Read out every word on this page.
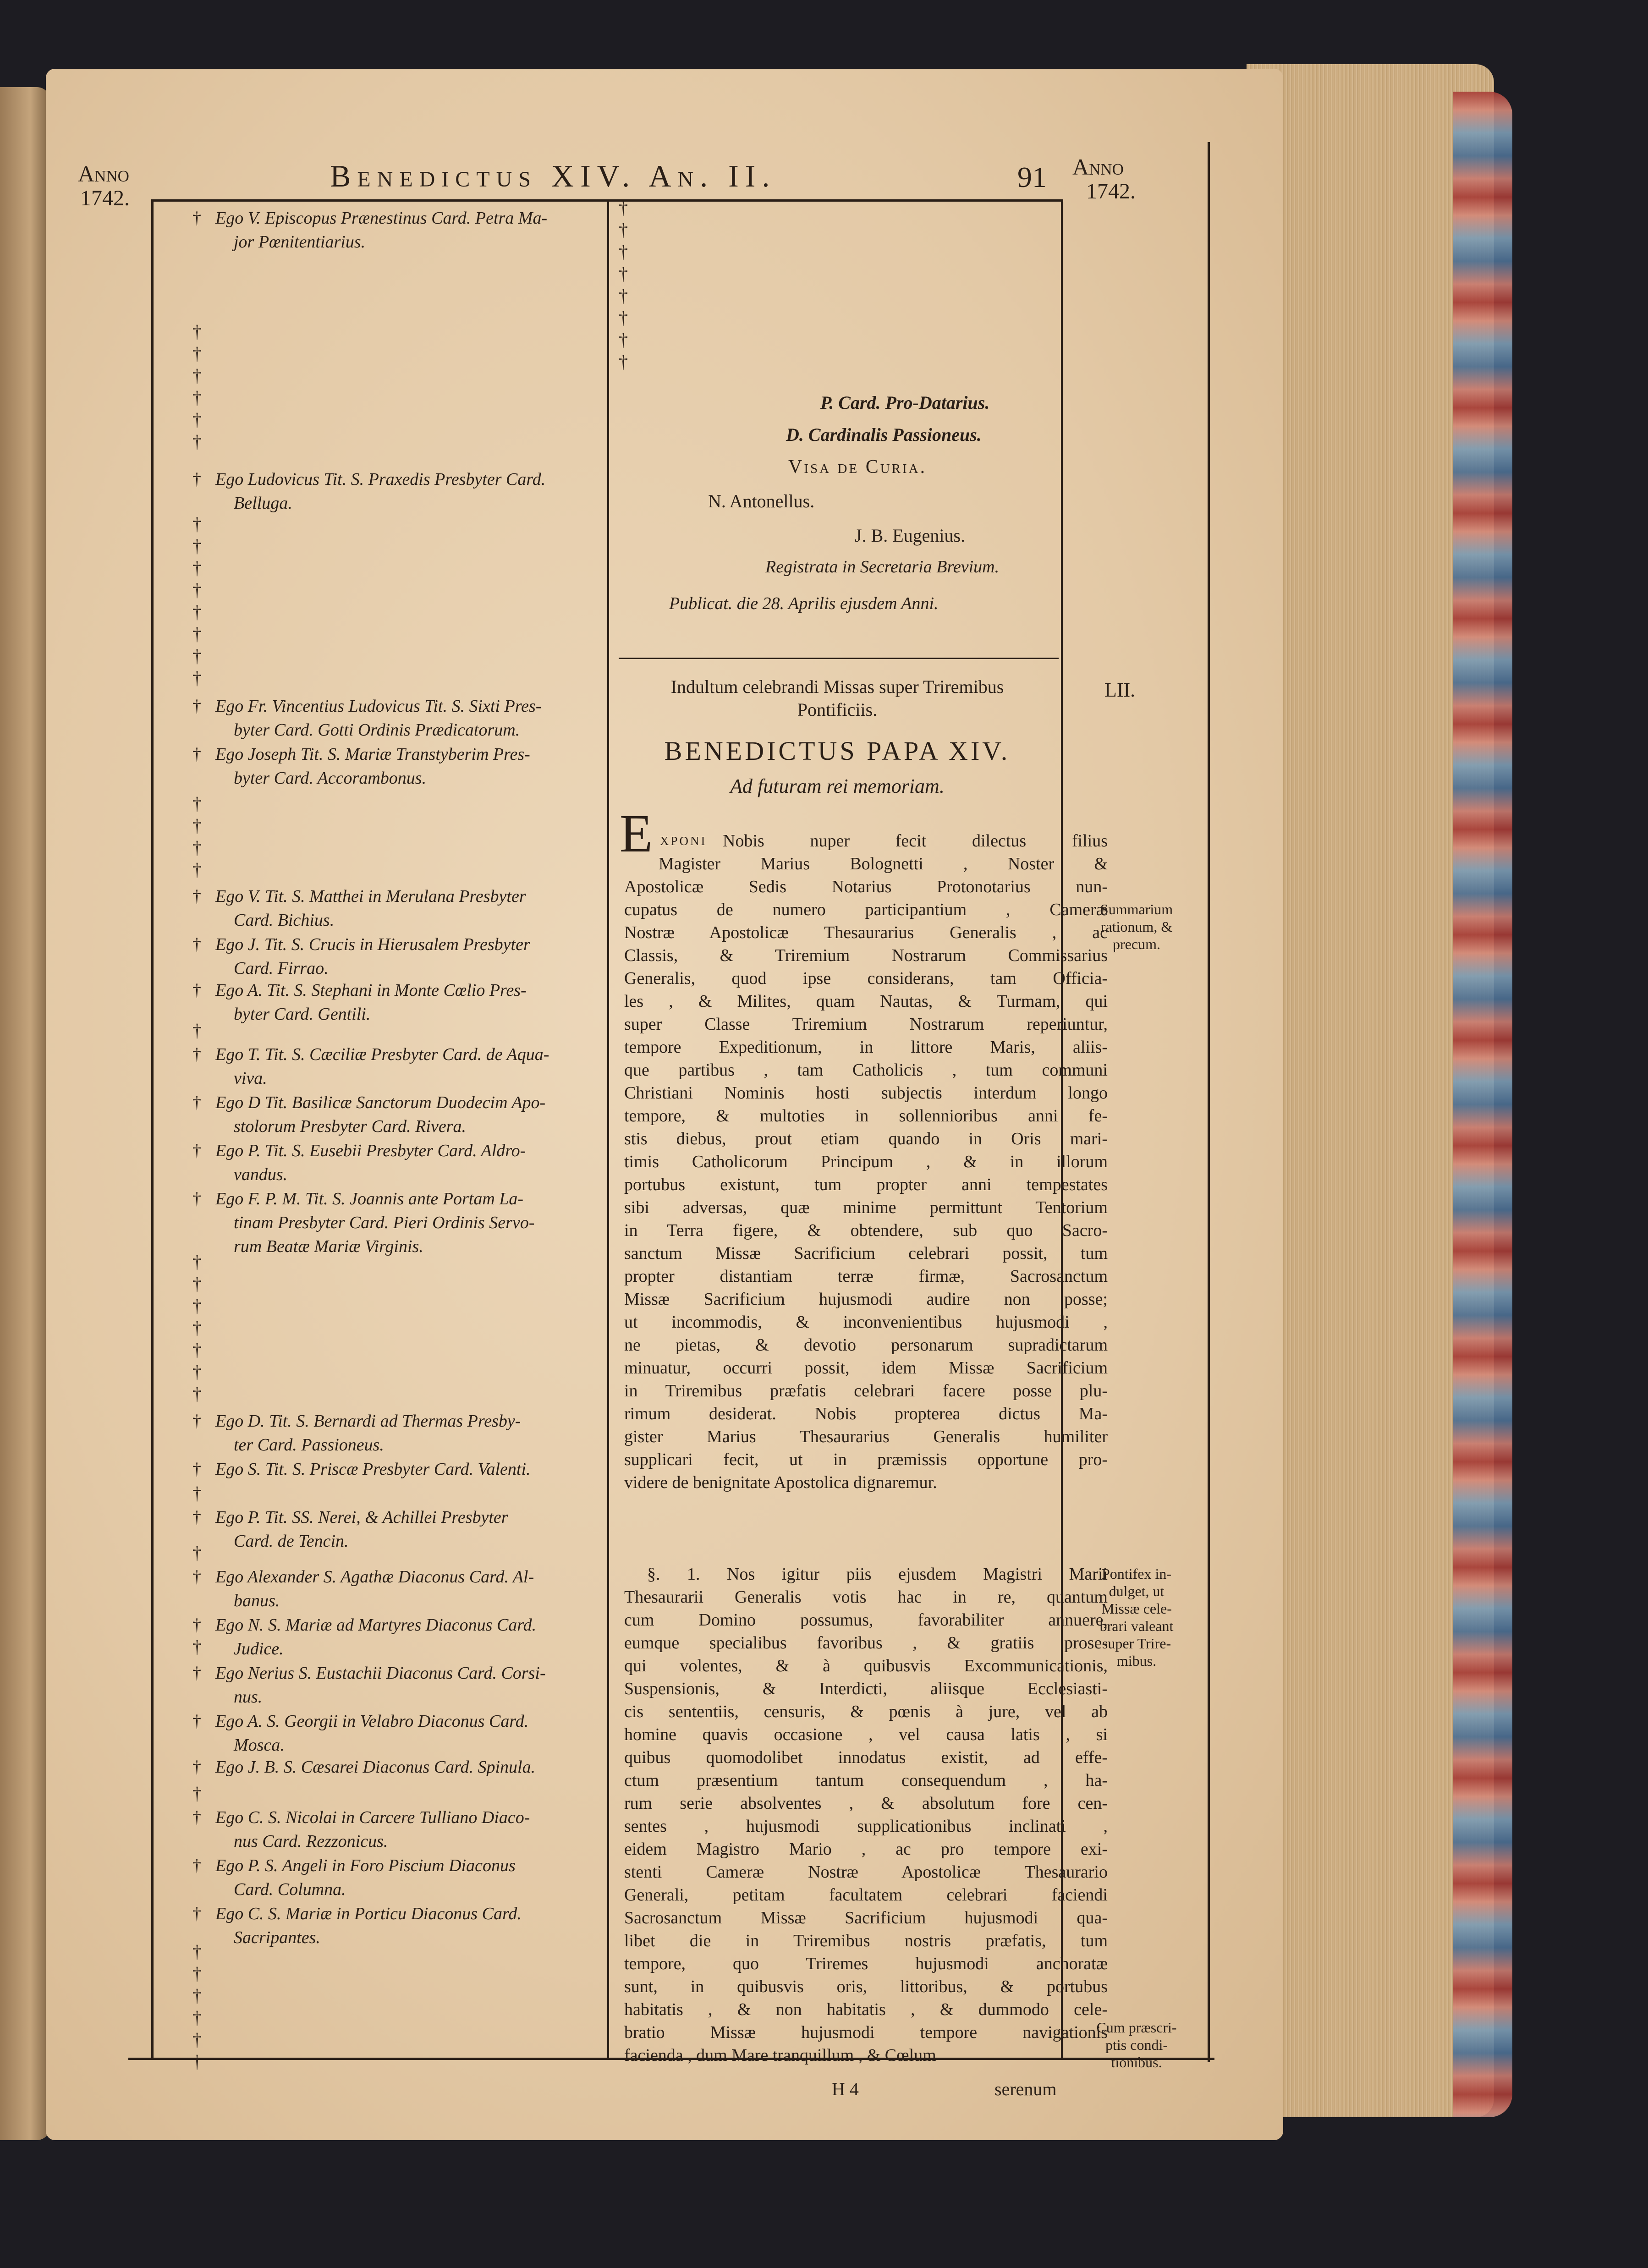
Anno
1742.
Benedictus XIV. An. II.	91 Anno
1742.
† Ego V. Episcopus Prænestinus Card. Petra Ma-
jor Pœnitentiarius.
† Ego Ludovicus Tit. S. Praxedis Presbyter Card.
Belluga.
† Ego Fr. Vincentius Ludovicus Tit. S. Sixti Pres-
byter Card. Gotti Ordinis Prædicatorum.
† Ego Joseph Tit. S. Mariæ Transtyberim Pres-
byter Card. Accorambonus.
† Ego V. Tit. S. Matthei in Merulana Presbyter
Card. Bichius.
† Ego J. Tit. S. Crucis in Hierusalem Presbyter
Card. Firrao.
† Ego A. Tit. S. Stephani in Monte Cœlio Pres-
byter Card. Gentili.
† Ego T. Tit. S. Cæciliæ Presbyter Card. de Aqua-
viva.
† Ego D Tit. Basilicæ Sanctorum Duodecim Apo-
stolorum Presbyter Card. Rivera.
† Ego P. Tit. S. Eusebii Presbyter Card. Aldro-
vandus.
† Ego F. P. M. Tit. S. Joannis ante Portam La-
tinam Presbyter Card. Pieri Ordinis Servo-
rum Beatæ Mariæ Virginis.
† Ego D. Tit. S. Bernardi ad Thermas Presby-
ter Card. Passioneus.
† Ego S. Tit. S. Priscæ Presbyter Card. Valenti.
† Ego P. Tit. SS. Nerei, & Achillei Presbyter
Card. de Tencin.
† Ego Alexander S. Agathæ Diaconus Card. Al-
banus.
† Ego N. S. Mariæ ad Martyres Diaconus Card.
Judice.
† Ego Nerius S. Eustachii Diaconus Card. Corsi-
nus.
† Ego A. S. Georgii in Velabro Diaconus Card.
Mosca.
† Ego J. B. S. Cæsarei Diaconus Card. Spinula.
† Ego C. S. Nicolai in Carcere Tulliano Diaco-
nus Card. Rezzonicus.
† Ego P. S. Angeli in Foro Piscium Diaconus
Card. Columna.
† Ego C. S. Mariæ in Porticu Diaconus Card.
Sacripantes.
†
†
†
†
†
†
†
†
†
†
†
†
†
†
†
†
†
†
†
†
†
†
†
†
†
†
†
†
†
†
†
†
†
†
†
†
†
†
†
†
†
†
†
†
P. Card. Pro-Datarius.
D. Cardinalis Passioneus.
Visa de Curia.
N. Antonellus.
J. B. Eugenius.
Registrata in Secretaria Brevium.
Publicat. die 28. Aprilis ejusdem Anni.
Indultum celebrandi Missas super Triremibus
Pontificiis.
LII.
BENEDICTUS PAPA XIV.
Ad futuram rei memoriam.
E xponi Nobis nuper fecit dilectus filius
Magister Marius Bolognetti , Noster &
Apostolicæ Sedis Notarius Protonotarius nun-
cupatus de numero participantium , Cameræ
Nostræ Apostolicæ Thesaurarius Generalis , ac
Classis, & Triremium Nostrarum Commissarius
Generalis, quod ipse considerans, tam Officia-
les , & Milites, quam Nautas, & Turmam, qui
super Classe Triremium Nostrarum reperiuntur,
tempore Expeditionum, in littore Maris, aliis-
que partibus , tam Catholicis , tum communi
Christiani Nominis hosti subjectis interdum longo
tempore, & multoties in sollennioribus anni fe-
stis diebus, prout etiam quando in Oris mari-
timis Catholicorum Principum , & in illorum
portubus existunt, tum propter anni tempestates
sibi adversas, quæ minime permittunt Tentorium
in Terra figere, & obtendere, sub quo Sacro-
sanctum Missæ Sacrificium celebrari possit, tum
propter distantiam terræ firmæ, Sacrosanctum
Missæ Sacrificium hujusmodi audire non posse;
ut incommodis, & inconvenientibus hujusmodi ,
ne pietas, & devotio personarum supradictarum
minuatur, occurri possit, idem Missæ Sacrificium
in Triremibus præfatis celebrari facere posse plu-
rimum desiderat. Nobis propterea dictus Ma-
gister Marius Thesaurarius Generalis humiliter
supplicari fecit, ut in præmissis opportune pro-
videre de benignitate Apostolica dignaremur.
§. 1. Nos igitur piis ejusdem Magistri Marii
Thesaurarii Generalis votis hac in re, quantum
cum Domino possumus, favorabiliter annuere,
eumque specialibus favoribus , & gratiis prose-
qui volentes, & à quibusvis Excommunicationis,
Suspensionis, & Interdicti, aliisque Ecclesiasti-
cis sententiis, censuris, & pœnis à jure, vel ab
homine quavis occasione , vel causa latis , si
quibus quomodolibet innodatus existit, ad effe-
ctum præsentium tantum consequendum , ha-
rum serie absolventes , & absolutum fore cen-
sentes , hujusmodi supplicationibus inclinati ,
eidem Magistro Mario , ac pro tempore exi-
stenti Cameræ Nostræ Apostolicæ Thesaurario
Generali, petitam facultatem celebrari faciendi
Sacrosanctum Missæ Sacrificium hujusmodi qua-
libet die in Triremibus nostris præfatis, tum
tempore, quo Triremes hujusmodi anchoratæ
sunt, in quibusvis oris, littoribus, & portubus
habitatis , & non habitatis , & dummodo cele-
bratio Missæ hujusmodi tempore navigationis
facienda , dum Mare tranquillum , & Cœlum
Summarium
rationum, &
precum.
Pontifex in-
dulget, ut
Missæ cele-
brari valeant
super Trire-
mibus.
Cum præscri-
ptis condi-
tionibus.
H 4	serenum
